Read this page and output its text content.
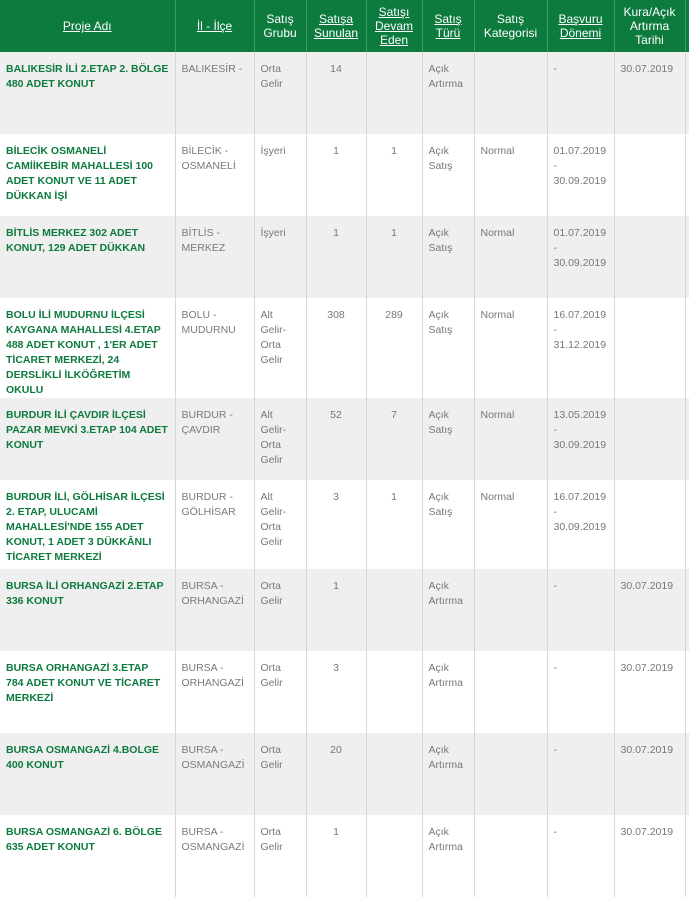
Proje Adı	İl - İlçe	Satış Grubu	Satışa Sunulan	Satışı Devam Eden	Satış Türü	Satış Kategorisi	Başvuru Dönemi	Kura/Açık Artırma Tarihi	
BALIKESİR İLİ 2.ETAP 2. BÖLGE 480 ADET KONUT	BALIKESİR -	Orta Gelir	14		Açık Artırma		-	30.07.2019	
BİLECİK OSMANELİ CAMİİKEBİR MAHALLESİ 100 ADET KONUT VE 11 ADET DÜKKAN İŞİ	BİLECİK - OSMANELİ	İşyeri	1	1	Açık Satış	Normal	01.07.2019 - 30.09.2019		
BİTLİS MERKEZ 302 ADET KONUT, 129 ADET DÜKKAN	BİTLİS - MERKEZ	İşyeri	1	1	Açık Satış	Normal	01.07.2019 - 30.09.2019		
BOLU İLİ MUDURNU İLÇESİ KAYGANA MAHALLESİ 4.ETAP 488 ADET KONUT , 1'ER ADET TİCARET MERKEZİ, 24 DERSLİKLİ İLKÖĞRETİM OKULU	BOLU - MUDURNU	Alt Gelir-Orta Gelir	308	289	Açık Satış	Normal	16.07.2019 - 31.12.2019		
BURDUR İLİ ÇAVDIR İLÇESİ PAZAR MEVKİ 3.ETAP 104 ADET KONUT	BURDUR - ÇAVDIR	Alt Gelir-Orta Gelir	52	7	Açık Satış	Normal	13.05.2019 - 30.09.2019		
BURDUR İLİ, GÖLHİSAR İLÇESİ 2. ETAP, ULUCAMİ MAHALLESİ'NDE 155 ADET KONUT, 1 ADET 3 DÜKKÂNLI TİCARET MERKEZİ	BURDUR - GÖLHİSAR	Alt Gelir-Orta Gelir	3	1	Açık Satış	Normal	16.07.2019 - 30.09.2019		
BURSA İLİ ORHANGAZİ 2.ETAP 336 KONUT	BURSA - ORHANGAZİ	Orta Gelir	1		Açık Artırma		-	30.07.2019	
BURSA ORHANGAZİ 3.ETAP 784 ADET KONUT VE TİCARET MERKEZİ	BURSA - ORHANGAZİ	Orta Gelir	3		Açık Artırma		-	30.07.2019	
BURSA OSMANGAZİ 4.BOLGE 400 KONUT	BURSA - OSMANGAZİ	Orta Gelir	20		Açık Artırma		-	30.07.2019	
BURSA OSMANGAZİ 6. BÖLGE 635 ADET KONUT	BURSA - OSMANGAZİ	Orta Gelir	1		Açık Artırma		-	30.07.2019	
